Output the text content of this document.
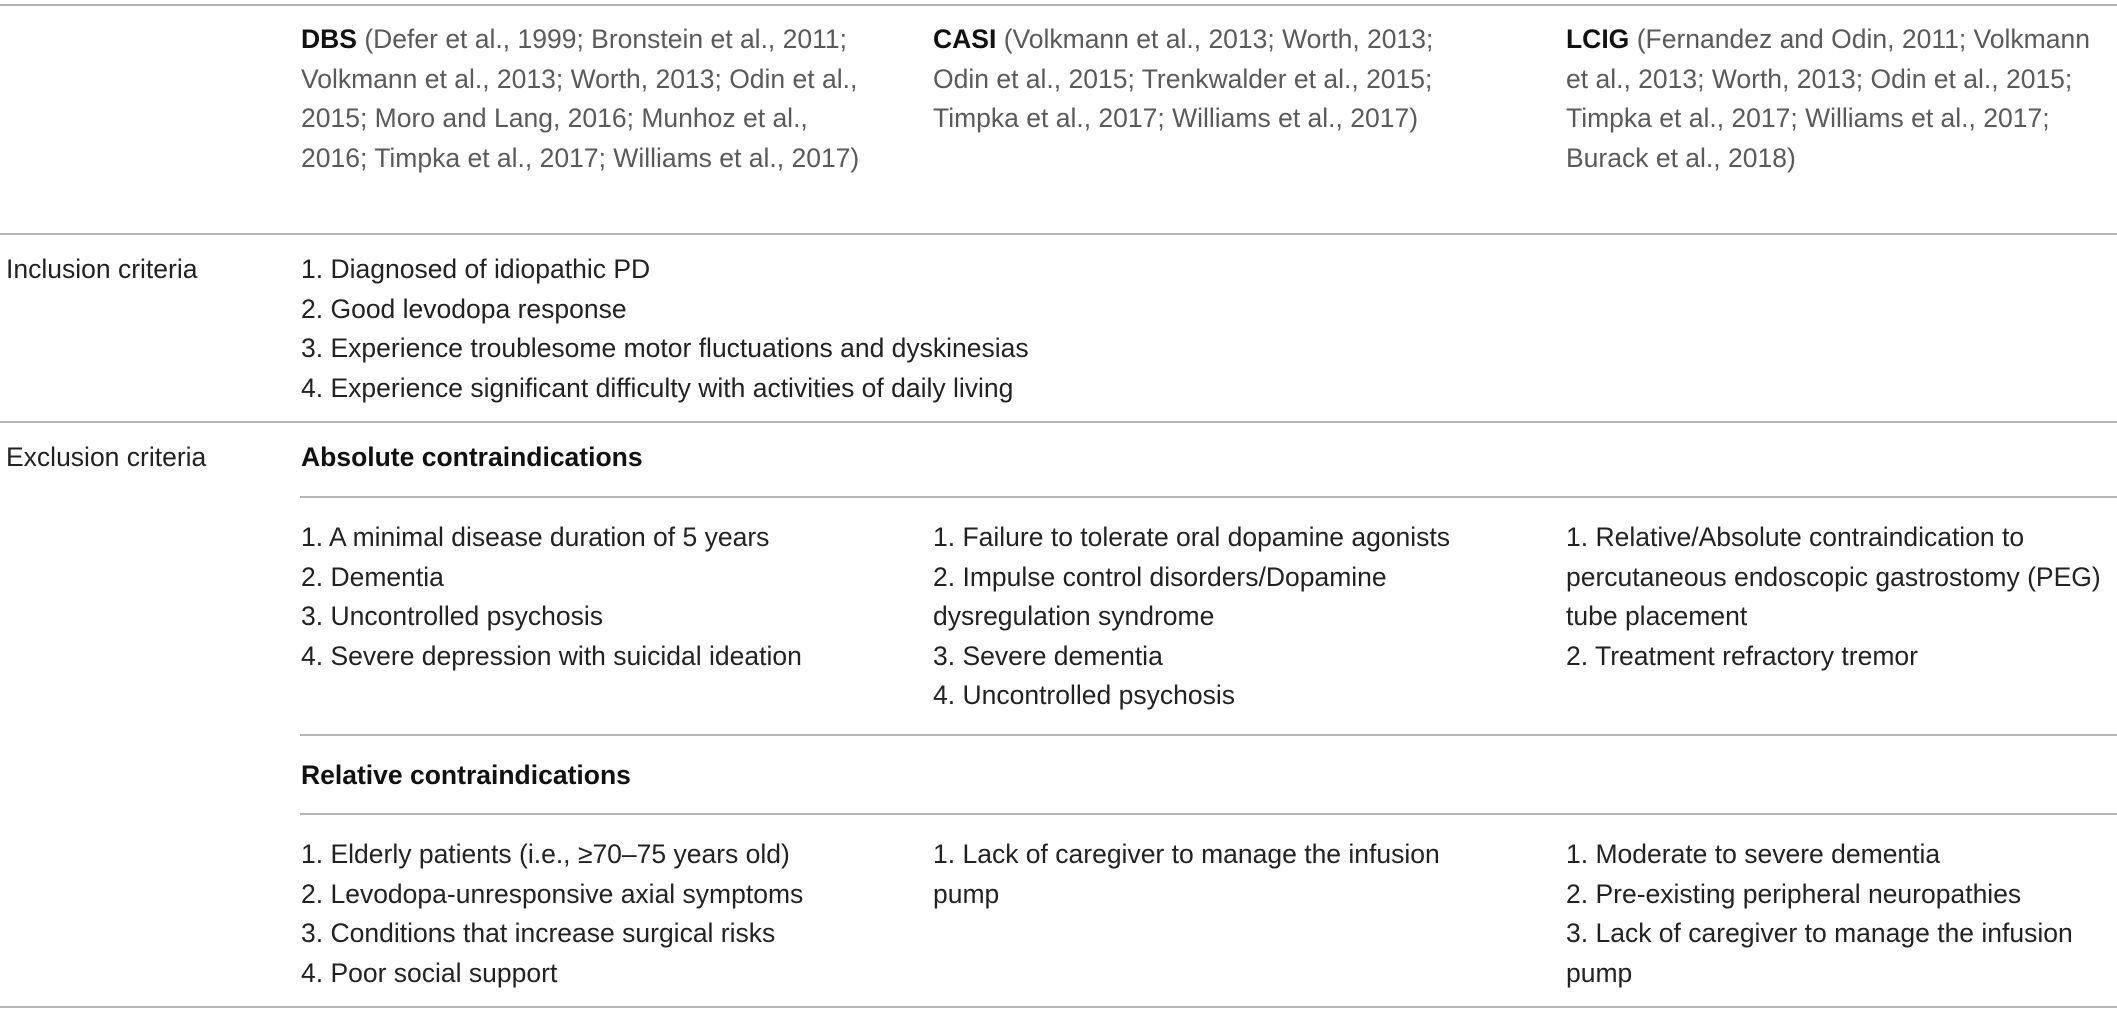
DBS (Defer et al., 1999; Bronstein et al., 2011; Volkmann et al., 2013; Worth, 2013; Odin et al., 2015; Moro and Lang, 2016; Munhoz et al., 2016; Timpka et al., 2017; Williams et al., 2017)
CASI (Volkmann et al., 2013; Worth, 2013; Odin et al., 2015; Trenkwalder et al., 2015; Timpka et al., 2017; Williams et al., 2017)
LCIG (Fernandez and Odin, 2011; Volkmann et al., 2013; Worth, 2013; Odin et al., 2015; Timpka et al., 2017; Williams et al., 2017; Burack et al., 2018)
Inclusion criteria	1. Diagnosed of idiopathic PD
2. Good levodopa response
3. Experience troublesome motor fluctuations and dyskinesias
4. Experience significant difficulty with activities of daily living
Exclusion criteria	Absolute contraindications
1. A minimal disease duration of 5 years
2. Dementia
3. Uncontrolled psychosis
4. Severe depression with suicidal ideation
1. Failure to tolerate oral dopamine agonists
2. Impulse control disorders/Dopamine dysregulation syndrome
3. Severe dementia
4. Uncontrolled psychosis
1. Relative/Absolute contraindication to percutaneous endoscopic gastrostomy (PEG) tube placement
2. Treatment refractory tremor
Relative contraindications
1. Elderly patients (i.e., ≥70–75 years old)
2. Levodopa-unresponsive axial symptoms
3. Conditions that increase surgical risks
4. Poor social support
1. Lack of caregiver to manage the infusion pump
1. Moderate to severe dementia
2. Pre-existing peripheral neuropathies
3. Lack of caregiver to manage the infusion pump
